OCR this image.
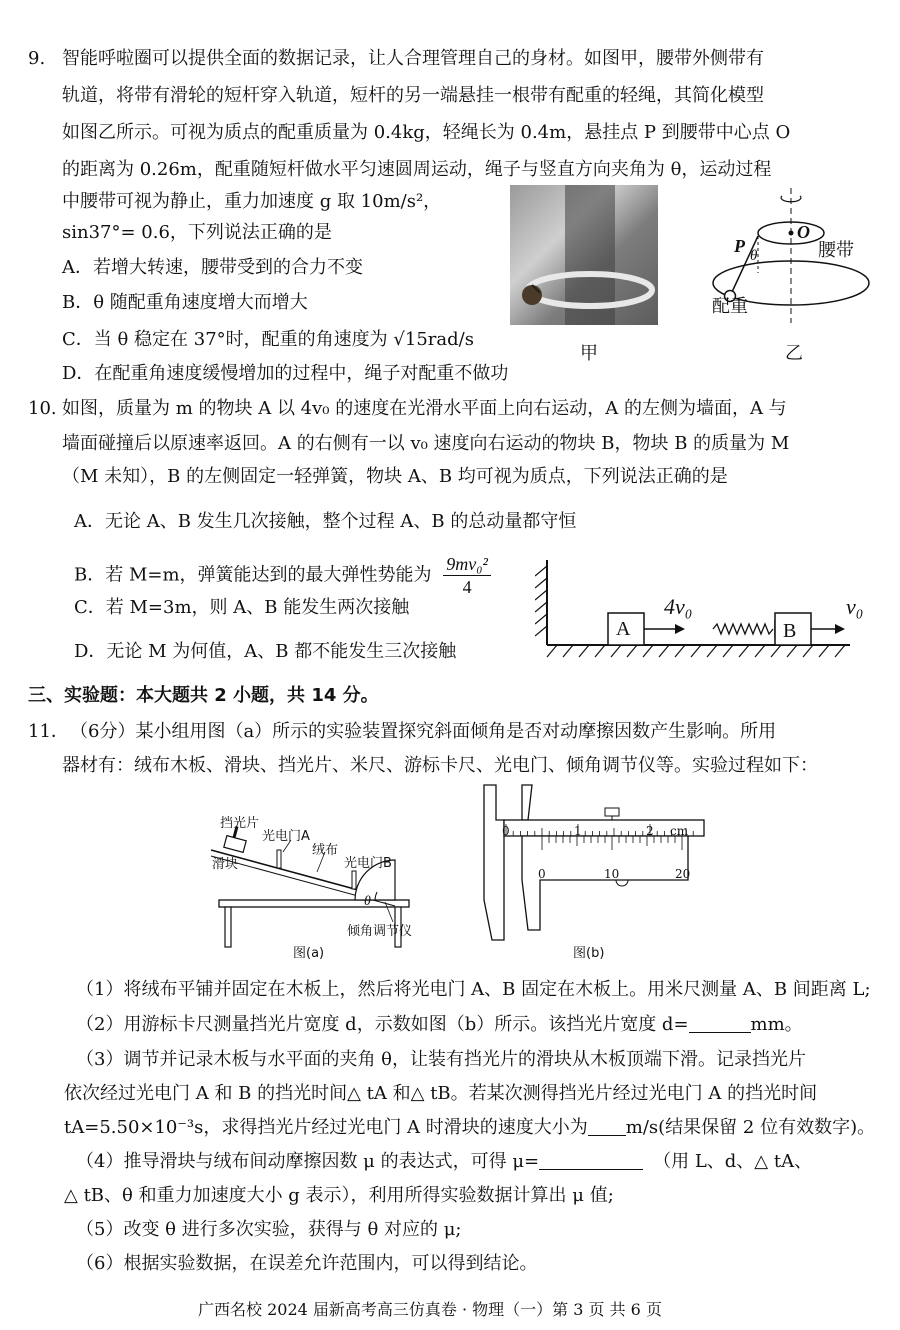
9. 智能呼啦圈可以提供全面的数据记录，让人合理管理自己的身材。如图甲，腰带外侧带有
轨道，将带有滑轮的短杆穿入轨道，短杆的另一端悬挂一根带有配重的轻绳，其简化模型
如图乙所示。可视为质点的配重质量为 0.4kg，轻绳长为 0.4m，悬挂点 P 到腰带中心点 O
的距离为 0.26m，配重随短杆做水平匀速圆周运动，绳子与竖直方向夹角为 θ，运动过程
中腰带可视为静止，重力加速度 g 取 10m/s²，
sin37°= 0.6，下列说法正确的是
A．若增大转速，腰带受到的合力不变
B．θ 随配重角速度增大而增大
C．当 θ 稳定在 37°时，配重的角速度为 √15rad/s
D．在配重角速度缓慢增加的过程中，绳子对配重不做功
甲
P θ
O
腰带
配重
乙
10. 如图，质量为 m 的物块 A 以 4v₀ 的速度在光滑水平面上向右运动，A 的左侧为墙面，A 与
墙面碰撞后以原速率返回。A 的右侧有一以 v₀ 速度向右运动的物块 B，物块 B 的质量为 M
（M 未知），B 的左侧固定一轻弹簧，物块 A、B 均可视为质点，下列说法正确的是
A．无论 A、B 发生几次接触，整个过程 A、B 的总动量都守恒
B．若 M=m，弹簧能达到的最大弹性势能为 $\frac{\text{9mv₀²}}{4}$
C．若 M=3m，则 A、B 能发生两次接触
D．无论 M 为何值，A、B 都不能发生三次接触
A	B
4v₀	v₀
三、实验题：本大题共 2 小题，共 14 分。
11． （6分）某小组用图（a）所示的实验装置探究斜面倾角是否对动摩擦因数产生影响。所用
器材有：绒布木板、滑块、挡光片、米尺、游标卡尺、光电门、倾角调节仪等。实验过程如下：
挡光片
光电门A
绒布
光电门B
滑块
θ
倾角调节仪
图(a)
0	1	2 cm
0	10	20
图(b)
（1）将绒布平铺并固定在木板上，然后将光电门 A、B 固定在木板上。用米尺测量 A、B 间距离 L;
（2）用游标卡尺测量挡光片宽度 d，示数如图（b）所示。该挡光片宽度 d=	mm。
（3）调节并记录木板与水平面的夹角 θ，让装有挡光片的滑块从木板顶端下滑。记录挡光片
依次经过光电门 A 和 B 的挡光时间△ tA 和△ tB。若某次测得挡光片经过光电门 A 的挡光时间
tA=5.50×10⁻³s，求得挡光片经过光电门 A 时滑块的速度大小为 m/s(结果保留 2 位有效数字)。
（4）推导滑块与绒布间动摩擦因数 μ 的表达式，可得 μ=	（用 L、d、△ tA、
△ tB、θ 和重力加速度大小 g 表示），利用所得实验数据计算出 μ 值;
（5）改变 θ 进行多次实验，获得与 θ 对应的 μ;
（6）根据实验数据，在误差允许范围内，可以得到结论。
广西名校 2024 届新高考高三仿真卷 · 物理（一）第 3 页 共 6 页
